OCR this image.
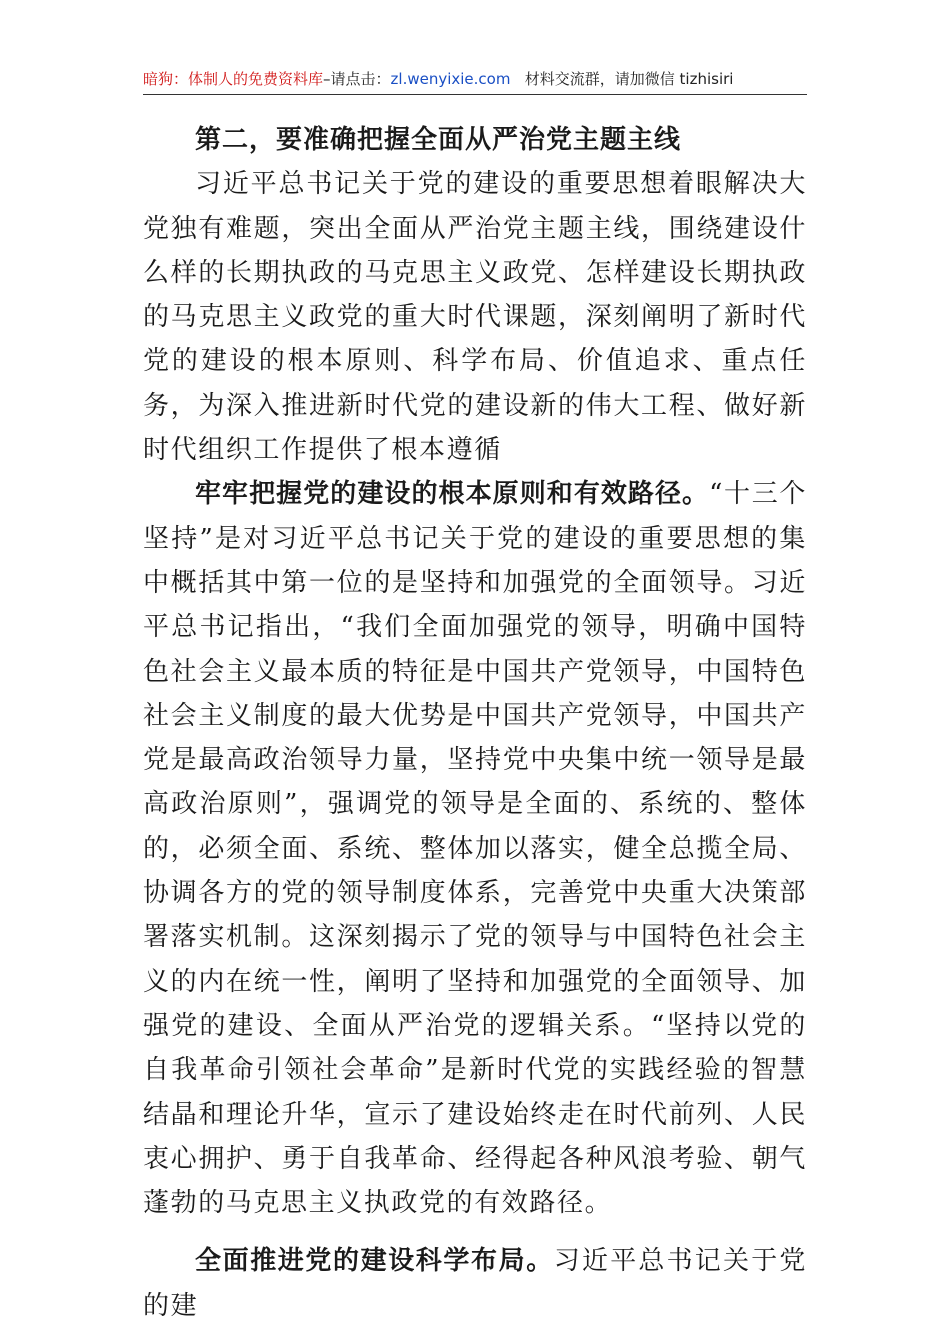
暗狗：体制人的免费资料库–请点击：zl.wenyixie.com 材料交流群，请加微信 tizhisiri

第二，要准确把握全面从严治党主题主线

习近平总书记关于党的建设的重要思想着眼解决大党独有难题，突出全面从严治党主题主线，围绕建设什么样的长期执政的马克思主义政党、怎样建设长期执政的马克思主义政党的重大时代课题，深刻阐明了新时代党的建设的根本原则、科学布局、价值追求、重点任务，为深入推进新时代党的建设新的伟大工程、做好新时代组织工作提供了根本遵循

牢牢把握党的建设的根本原则和有效路径。“十三个坚持”是对习近平总书记关于党的建设的重要思想的集中概括其中第一位的是坚持和加强党的全面领导。习近平总书记指出，“我们全面加强党的领导，明确中国特色社会主义最本质的特征是中国共产党领导，中国特色社会主义制度的最大优势是中国共产党领导，中国共产党是最高政治领导力量，坚持党中央集中统一领导是最高政治原则”，强调党的领导是全面的、系统的、整体的，必须全面、系统、整体加以落实，健全总揽全局、协调各方的党的领导制度体系，完善党中央重大决策部署落实机制。这深刻揭示了党的领导与中国特色社会主义的内在统一性，阐明了坚持和加强党的全面领导、加强党的建设、全面从严治党的逻辑关系。“坚持以党的自我革命引领社会革命”是新时代党的实践经验的智慧结晶和理论升华，宣示了建设始终走在时代前列、人民衷心拥护、勇于自我革命、经得起各种风浪考验、朝气蓬勃的马克思主义执政党的有效路径。

全面推进党的建设科学布局。习近平总书记关于党的建
